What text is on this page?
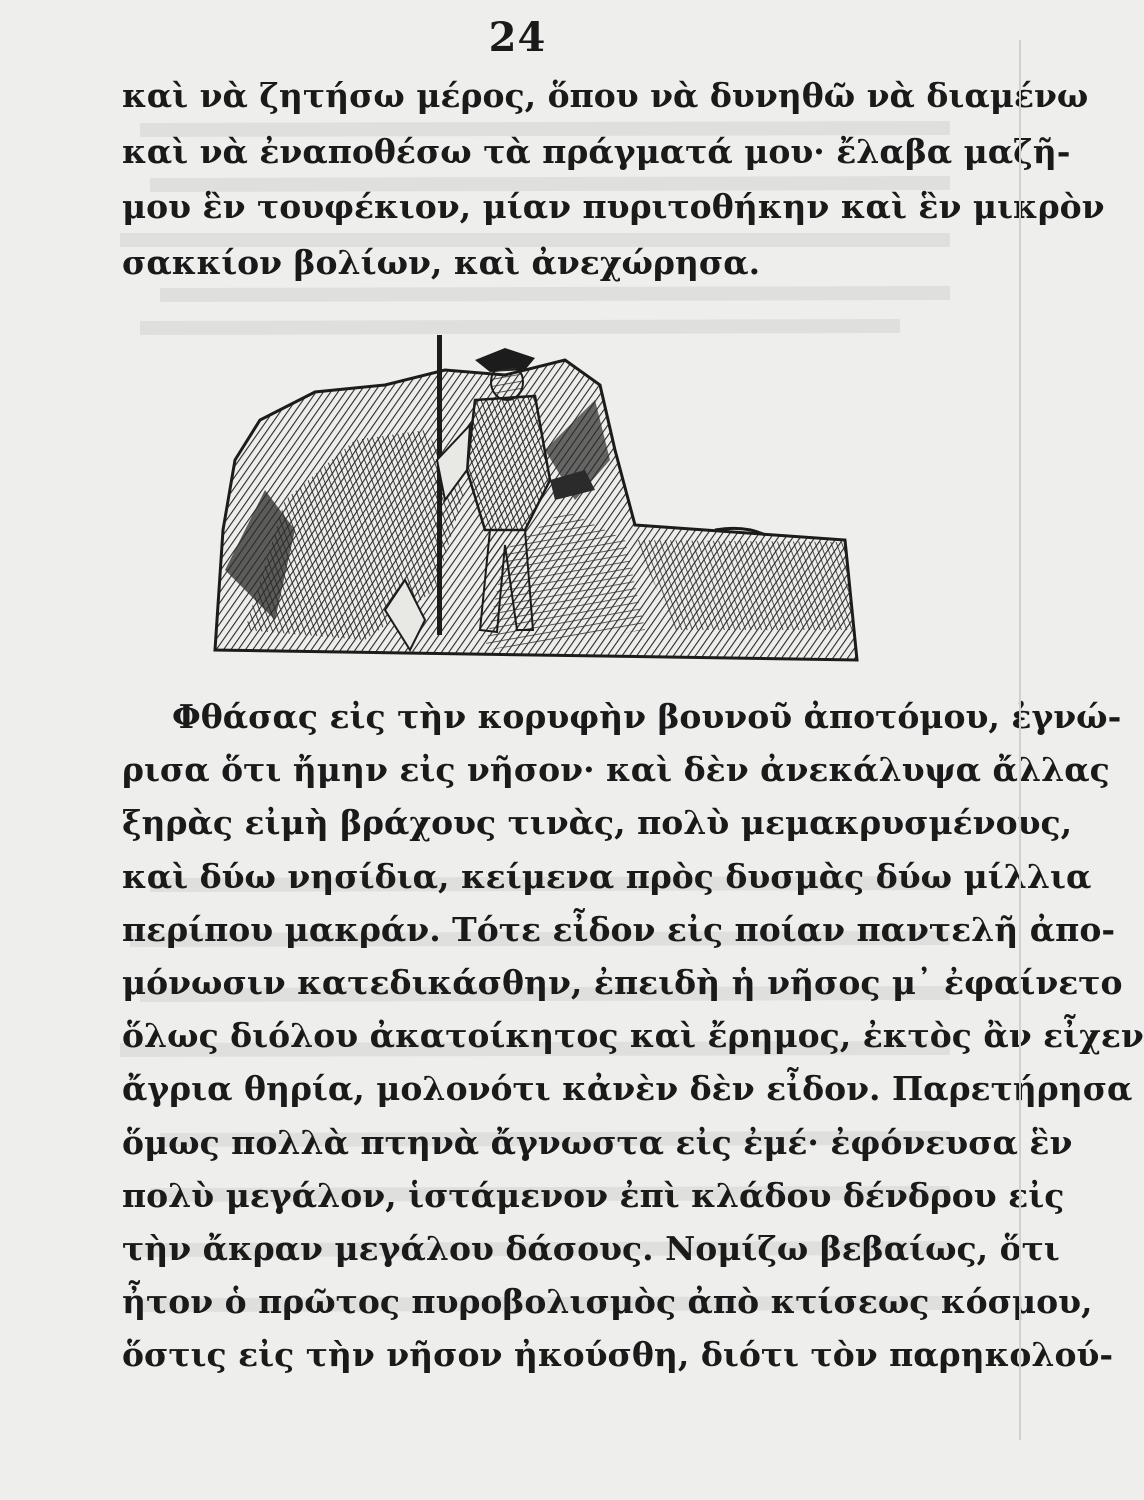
24
καὶ νὰ ζητήσω μέρος, ὅπου νὰ δυνηθῶ νὰ διαμένω
καὶ νὰ ἐναποθέσω τὰ πράγματά μου· ἔλαβα μαζῆ-
μου ἓν τουφέκιον, μίαν πυριτοθήκην καὶ ἓν μικρὸν
σακκίον βολίων, καὶ ἀνεχώρησα.
Φθάσας εἰς τὴν κορυφὴν βουνοῦ ἀποτόμου, ἐγνώ-
ρισα ὅτι ἤμην εἰς νῆσον· καὶ δὲν ἀνεκάλυψα ἄλλας
ξηρὰς εἰμὴ βράχους τινὰς, πολὺ μεμακρυσμένους,
καὶ δύω νησίδια, κείμενα πρὸς δυσμὰς δύω μίλλια
περίπου μακράν. Τότε εἶδον εἰς ποίαν παντελῆ ἀπο-
μόνωσιν κατεδικάσθην, ἐπειδὴ ἡ νῆσος μ᾽ ἐφαίνετο
ὅλως διόλου ἀκατοίκητος καὶ ἔρημος, ἐκτὸς ἂν εἶχεν
ἄγρια θηρία, μολονότι κἀνὲν δὲν εἶδον. Παρετήρησα
ὅμως πολλὰ πτηνὰ ἄγνωστα εἰς ἐμέ· ἐφόνευσα ἓν
πολὺ μεγάλον, ἱστάμενον ἐπὶ κλάδου δένδρου εἰς
τὴν ἄκραν μεγάλου δάσους. Νομίζω βεβαίως, ὅτι
ἦτον ὁ πρῶτος πυροβολισμὸς ἀπὸ κτίσεως κόσμου,
ὅστις εἰς τὴν νῆσον ἠκούσθη, διότι τὸν παρηκολού-
